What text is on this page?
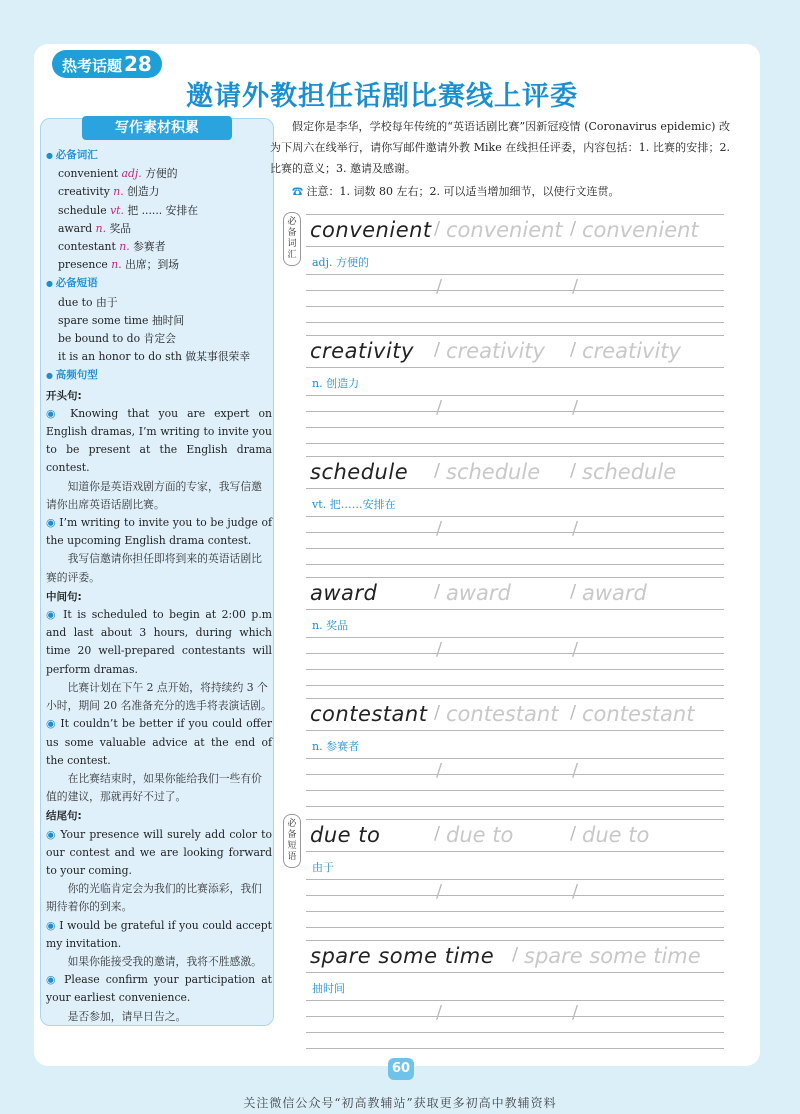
热考话题 28
邀请外教担任话剧比赛线上评委
写作素材积累
● 必备词汇
convenient adj. 方便的
creativity n. 创造力
schedule vt. 把 ...... 安排在
award n. 奖品
contestant n. 参赛者
presence n. 出席；到场
● 必备短语
due to 由于
spare some time 抽时间
be bound to do 肯定会
it is an honor to do sth 做某事很荣幸
● 高频句型
开头句:
◉ Knowing that you are expert on English dramas, I’m writing to invite you to be present at the English drama contest.
知道你是英语戏剧方面的专家，我写信邀请你出席英语话剧比赛。
◉ I’m writing to invite you to be judge of the upcoming English drama contest.
我写信邀请你担任即将到来的英语话剧比赛的评委。
中间句:
◉ It is scheduled to begin at 2:00 p.m and last about 3 hours, during which time 20 well-prepared contestants will perform dramas.
比赛计划在下午 2 点开始，将持续约 3 个小时，期间 20 名准备充分的选手将表演话剧。
◉ It couldn’t be better if you could offer us some valuable advice at the end of the contest.
在比赛结束时，如果你能给我们一些有价值的建议，那就再好不过了。
结尾句:
◉ Your presence will surely add color to our contest and we are looking forward to your coming.
你的光临肯定会为我们的比赛添彩，我们期待着你的到来。
◉ I would be grateful if you could accept my invitation.
如果你能接受我的邀请，我将不胜感激。
◉ Please confirm your participation at your earliest convenience.
是否参加，请早日告之。

假定你是李华，学校每年传统的“英语话剧比赛”因新冠疫情 (Coronavirus epidemic) 改为下周六在线举行，请你写邮件邀请外教 Mike 在线担任评委，内容包括：1. 比赛的安排；2. 比赛的意义；3. 邀请及感谢。

☎ 注意：1. 词数 80 左右；2. 可以适当增加细节，以使行文连贯。
必备词汇
必备短语
convenient / convenient / convenient
/	/
adj. 方便的
creativity / creativity / creativity
/	/
n. 创造力
schedule / schedule / schedule
/	/
vt. 把……安排在
award	/ award	/ award
/	/
n. 奖品
contestant / contestant / contestant
/	/
n. 参赛者
due to	/ due to	/ due to
/	/
由于
spare some time / spare some time
/	/
抽时间
60
关注微信公众号“初高教辅站”获取更多初高中教辅资料
